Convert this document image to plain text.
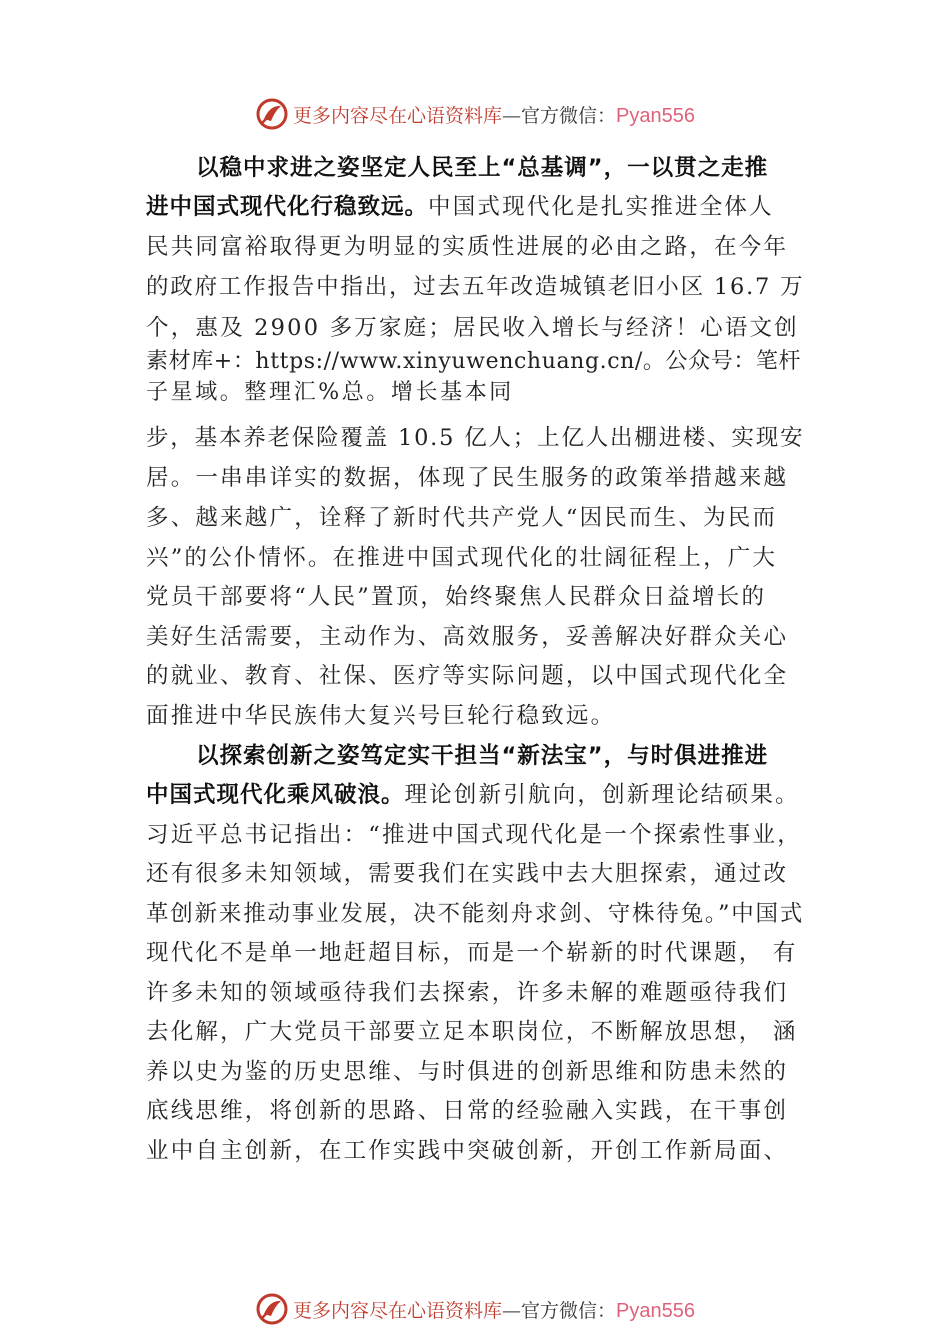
更多内容尽在心语资料库—官方微信：Pyan556
以稳中求进之姿坚定人民至上“总基调”，一以贯之走推
进中国式现代化行稳致远。中国式现代化是扎实推进全体人
民共同富裕取得更为明显的实质性进展的必由之路，在今年
的政府工作报告中指出，过去五年改造城镇老旧小区 16.7 万
个，惠及 2900 多万家庭；居民收入增长与经济！心语文创
素材库+：https://www.xinyuwenchuang.cn/。公众号：笔杆
子星域。整理汇%总。增长基本同
步，基本养老保险覆盖 10.5 亿人；上亿人出棚进楼、实现安
居。一串串详实的数据，体现了民生服务的政策举措越来越
多、越来越广，诠释了新时代共产党人“因民而生、为民而
兴”的公仆情怀。在推进中国式现代化的壮阔征程上，广大
党员干部要将“人民”置顶，始终聚焦人民群众日益增长的
美好生活需要，主动作为、高效服务，妥善解决好群众关心
的就业、教育、社保、医疗等实际问题，以中国式现代化全
面推进中华民族伟大复兴号巨轮行稳致远。
以探索创新之姿笃定实干担当“新法宝”，与时俱进推进
中国式现代化乘风破浪。理论创新引航向，创新理论结硕果。
习近平总书记指出：“推进中国式现代化是一个探索性事业，
还有很多未知领域，需要我们在实践中去大胆探索，通过改
革创新来推动事业发展，决不能刻舟求剑、守株待兔。”中国式
现代化不是单一地赶超目标，而是一个崭新的时代课题， 有
许多未知的领域亟待我们去探索，许多未解的难题亟待我们
去化解，广大党员干部要立足本职岗位，不断解放思想， 涵
养以史为鉴的历史思维、与时俱进的创新思维和防患未然的
底线思维，将创新的思路、日常的经验融入实践，在干事创
业中自主创新，在工作实践中突破创新，开创工作新局面、
更多内容尽在心语资料库—官方微信：Pyan556
